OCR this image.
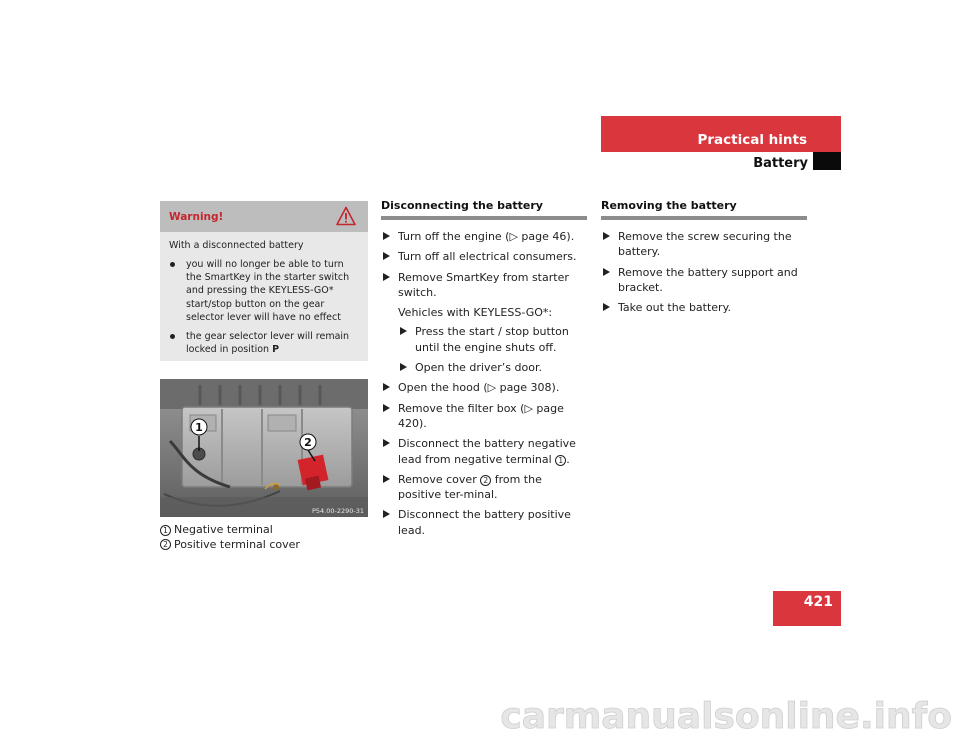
Practical hints
Battery
Warning!
With a disconnected battery
you will no longer be able to turn the SmartKey in the starter switch and pressing the KEYLESS-GO* start/stop button on the gear selector lever will have no effect
the gear selector lever will remain locked in position P
1
2
P54.00-2290-31
1 Negative terminal
2 Positive terminal cover
Disconnecting the battery
Turn off the engine (▷ page 46).
Turn off all electrical consumers.
Remove SmartKey from starter switch.
Vehicles with KEYLESS-GO*:
Press the start / stop button until the engine shuts off.
Open the driver’s door.
Open the hood (▷ page 308).
Remove the filter box (▷ page 420).
Disconnect the battery negative lead from negative terminal 1 .
Remove cover 2 from the positive ter-minal.
Disconnect the battery positive lead.
Removing the battery
Remove the screw securing the battery.
Remove the battery support and bracket.
Take out the battery.
421
carmanualsonline.info
